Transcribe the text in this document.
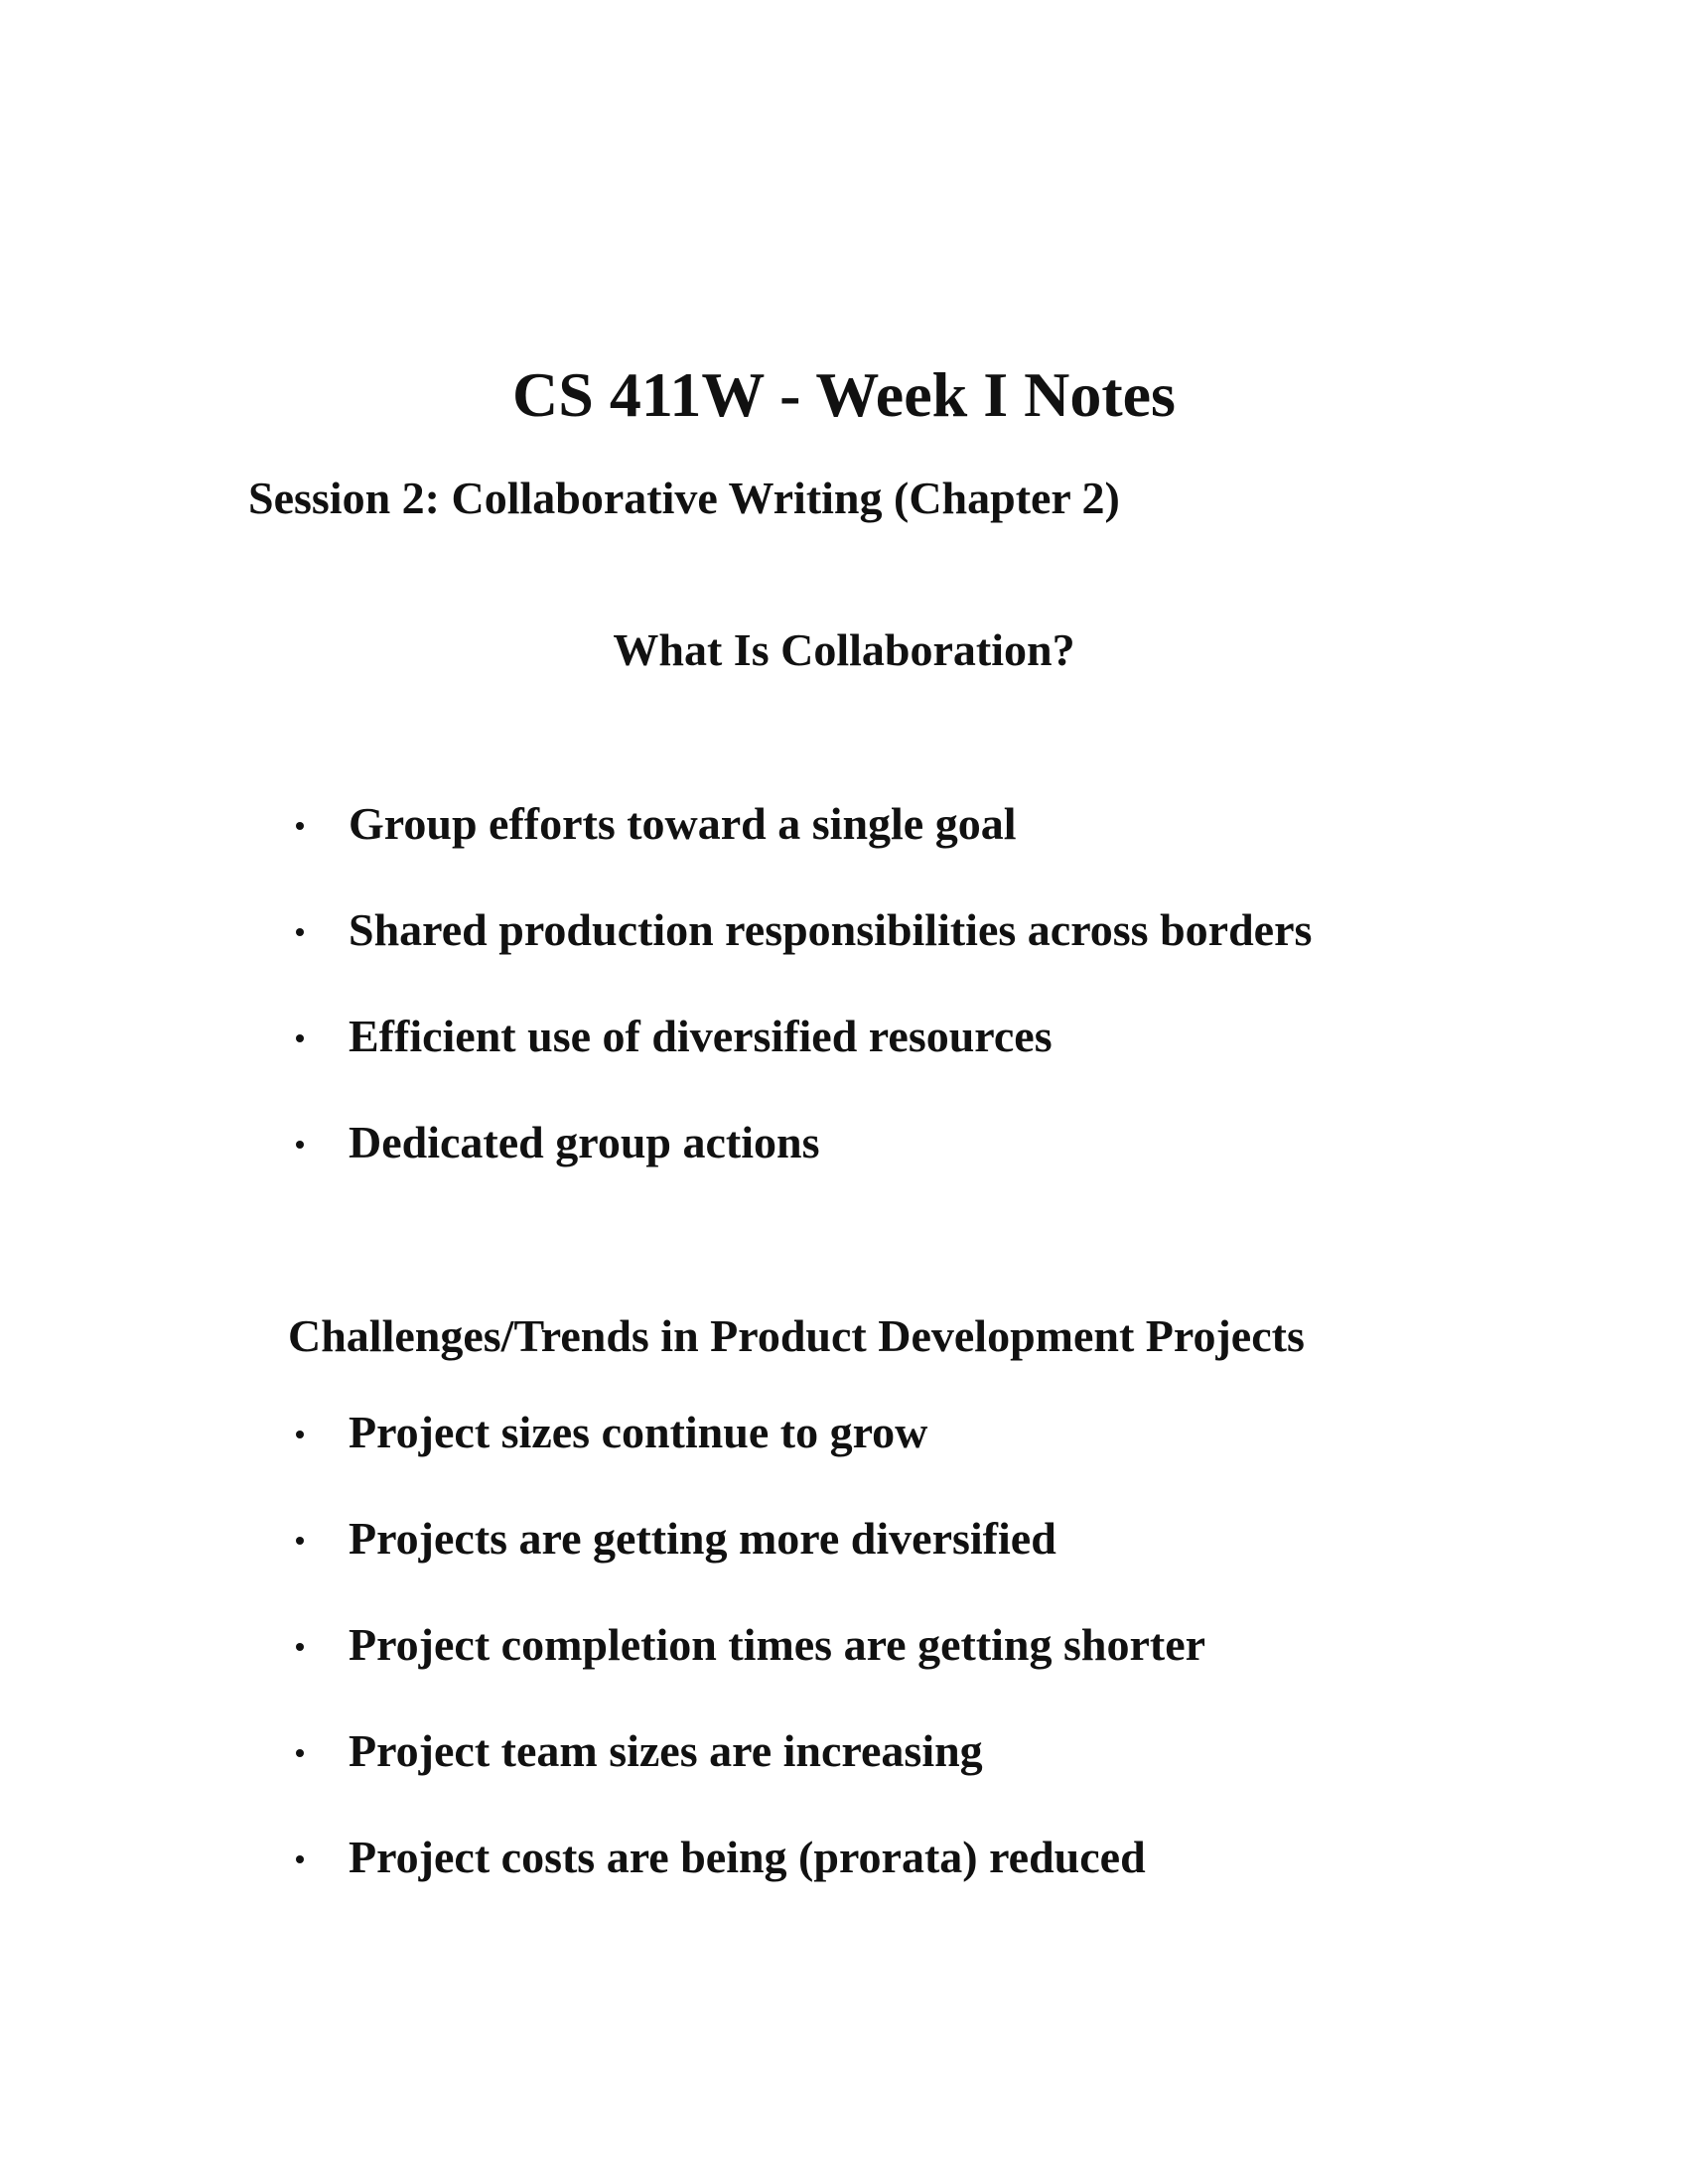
CS 411W - Week I Notes
Session 2: Collaborative Writing (Chapter 2)
What Is Collaboration?
Group efforts toward a single goal
Shared production responsibilities across borders
Efficient use of diversified resources
Dedicated group actions
Challenges/Trends in Product Development Projects
Project sizes continue to grow
Projects are getting more diversified
Project completion times are getting shorter
Project team sizes are increasing
Project costs are being (prorata) reduced
